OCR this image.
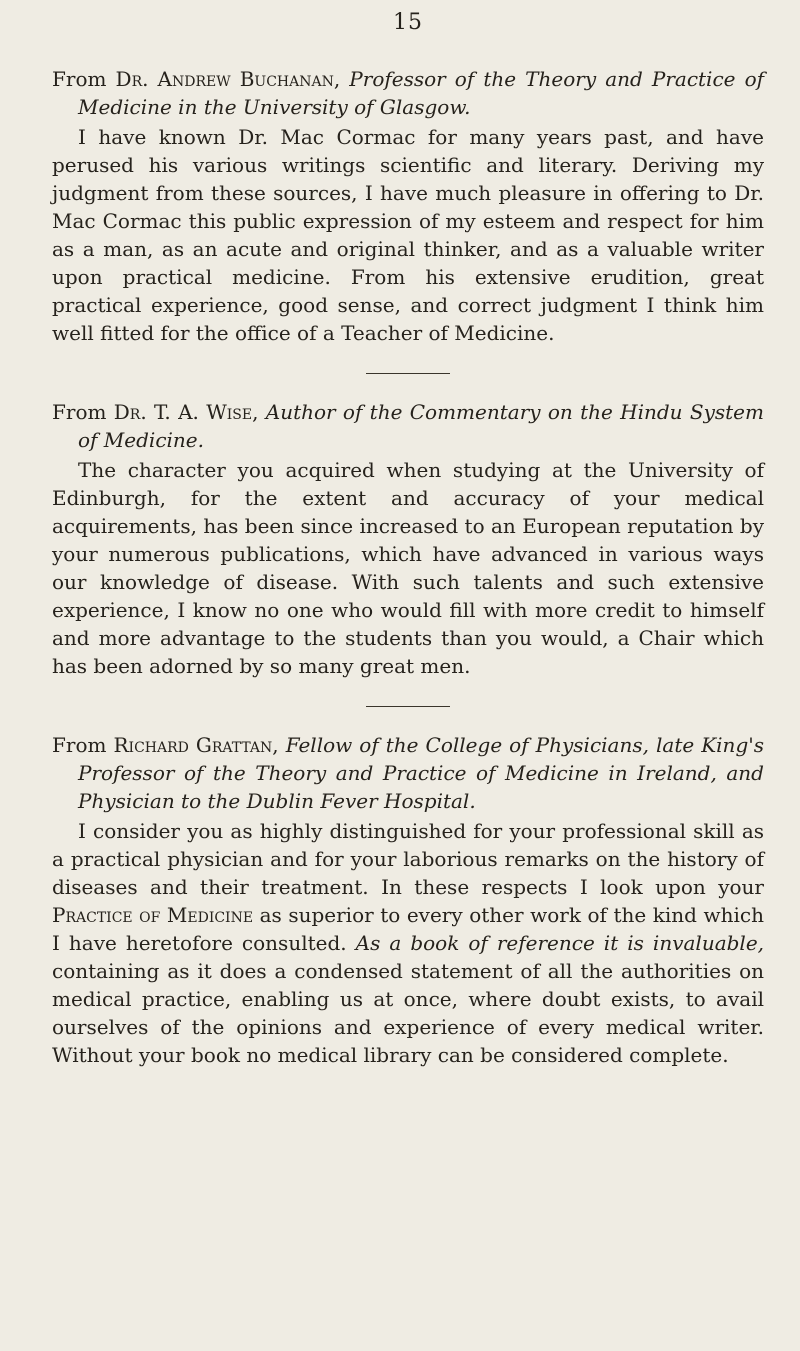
15

From Dr. Andrew Buchanan, Professor of the Theory and Practice of Medicine in the University of Glasgow.

I have known Dr. Mac Cormac for many years past, and have perused his various writings scientific and literary. Deriving my judgment from these sources, I have much pleasure in offering to Dr. Mac Cormac this public expression of my esteem and respect for him as a man, as an acute and original thinker, and as a valuable writer upon practical medicine. From his extensive erudition, great practical experience, good sense, and correct judgment I think him well fitted for the office of a Teacher of Medicine.

From Dr. T. A. Wise, Author of the Commentary on the Hindu System of Medicine.

The character you acquired when studying at the University of Edinburgh, for the extent and accuracy of your medical acquirements, has been since increased to an European reputation by your numerous publications, which have advanced in various ways our knowledge of disease. With such talents and such extensive experience, I know no one who would fill with more credit to himself and more advantage to the students than you would, a Chair which has been adorned by so many great men.

From Richard Grattan, Fellow of the College of Physicians, late King's Professor of the Theory and Practice of Medicine in Ireland, and Physician to the Dublin Fever Hospital.

I consider you as highly distinguished for your professional skill as a practical physician and for your laborious remarks on the history of diseases and their treatment. In these respects I look upon your Practice of Medicine as superior to every other work of the kind which I have heretofore consulted. As a book of reference it is invaluable, containing as it does a condensed statement of all the authorities on medical practice, enabling us at once, where doubt exists, to avail ourselves of the opinions and experience of every medical writer. Without your book no medical library can be considered complete.
